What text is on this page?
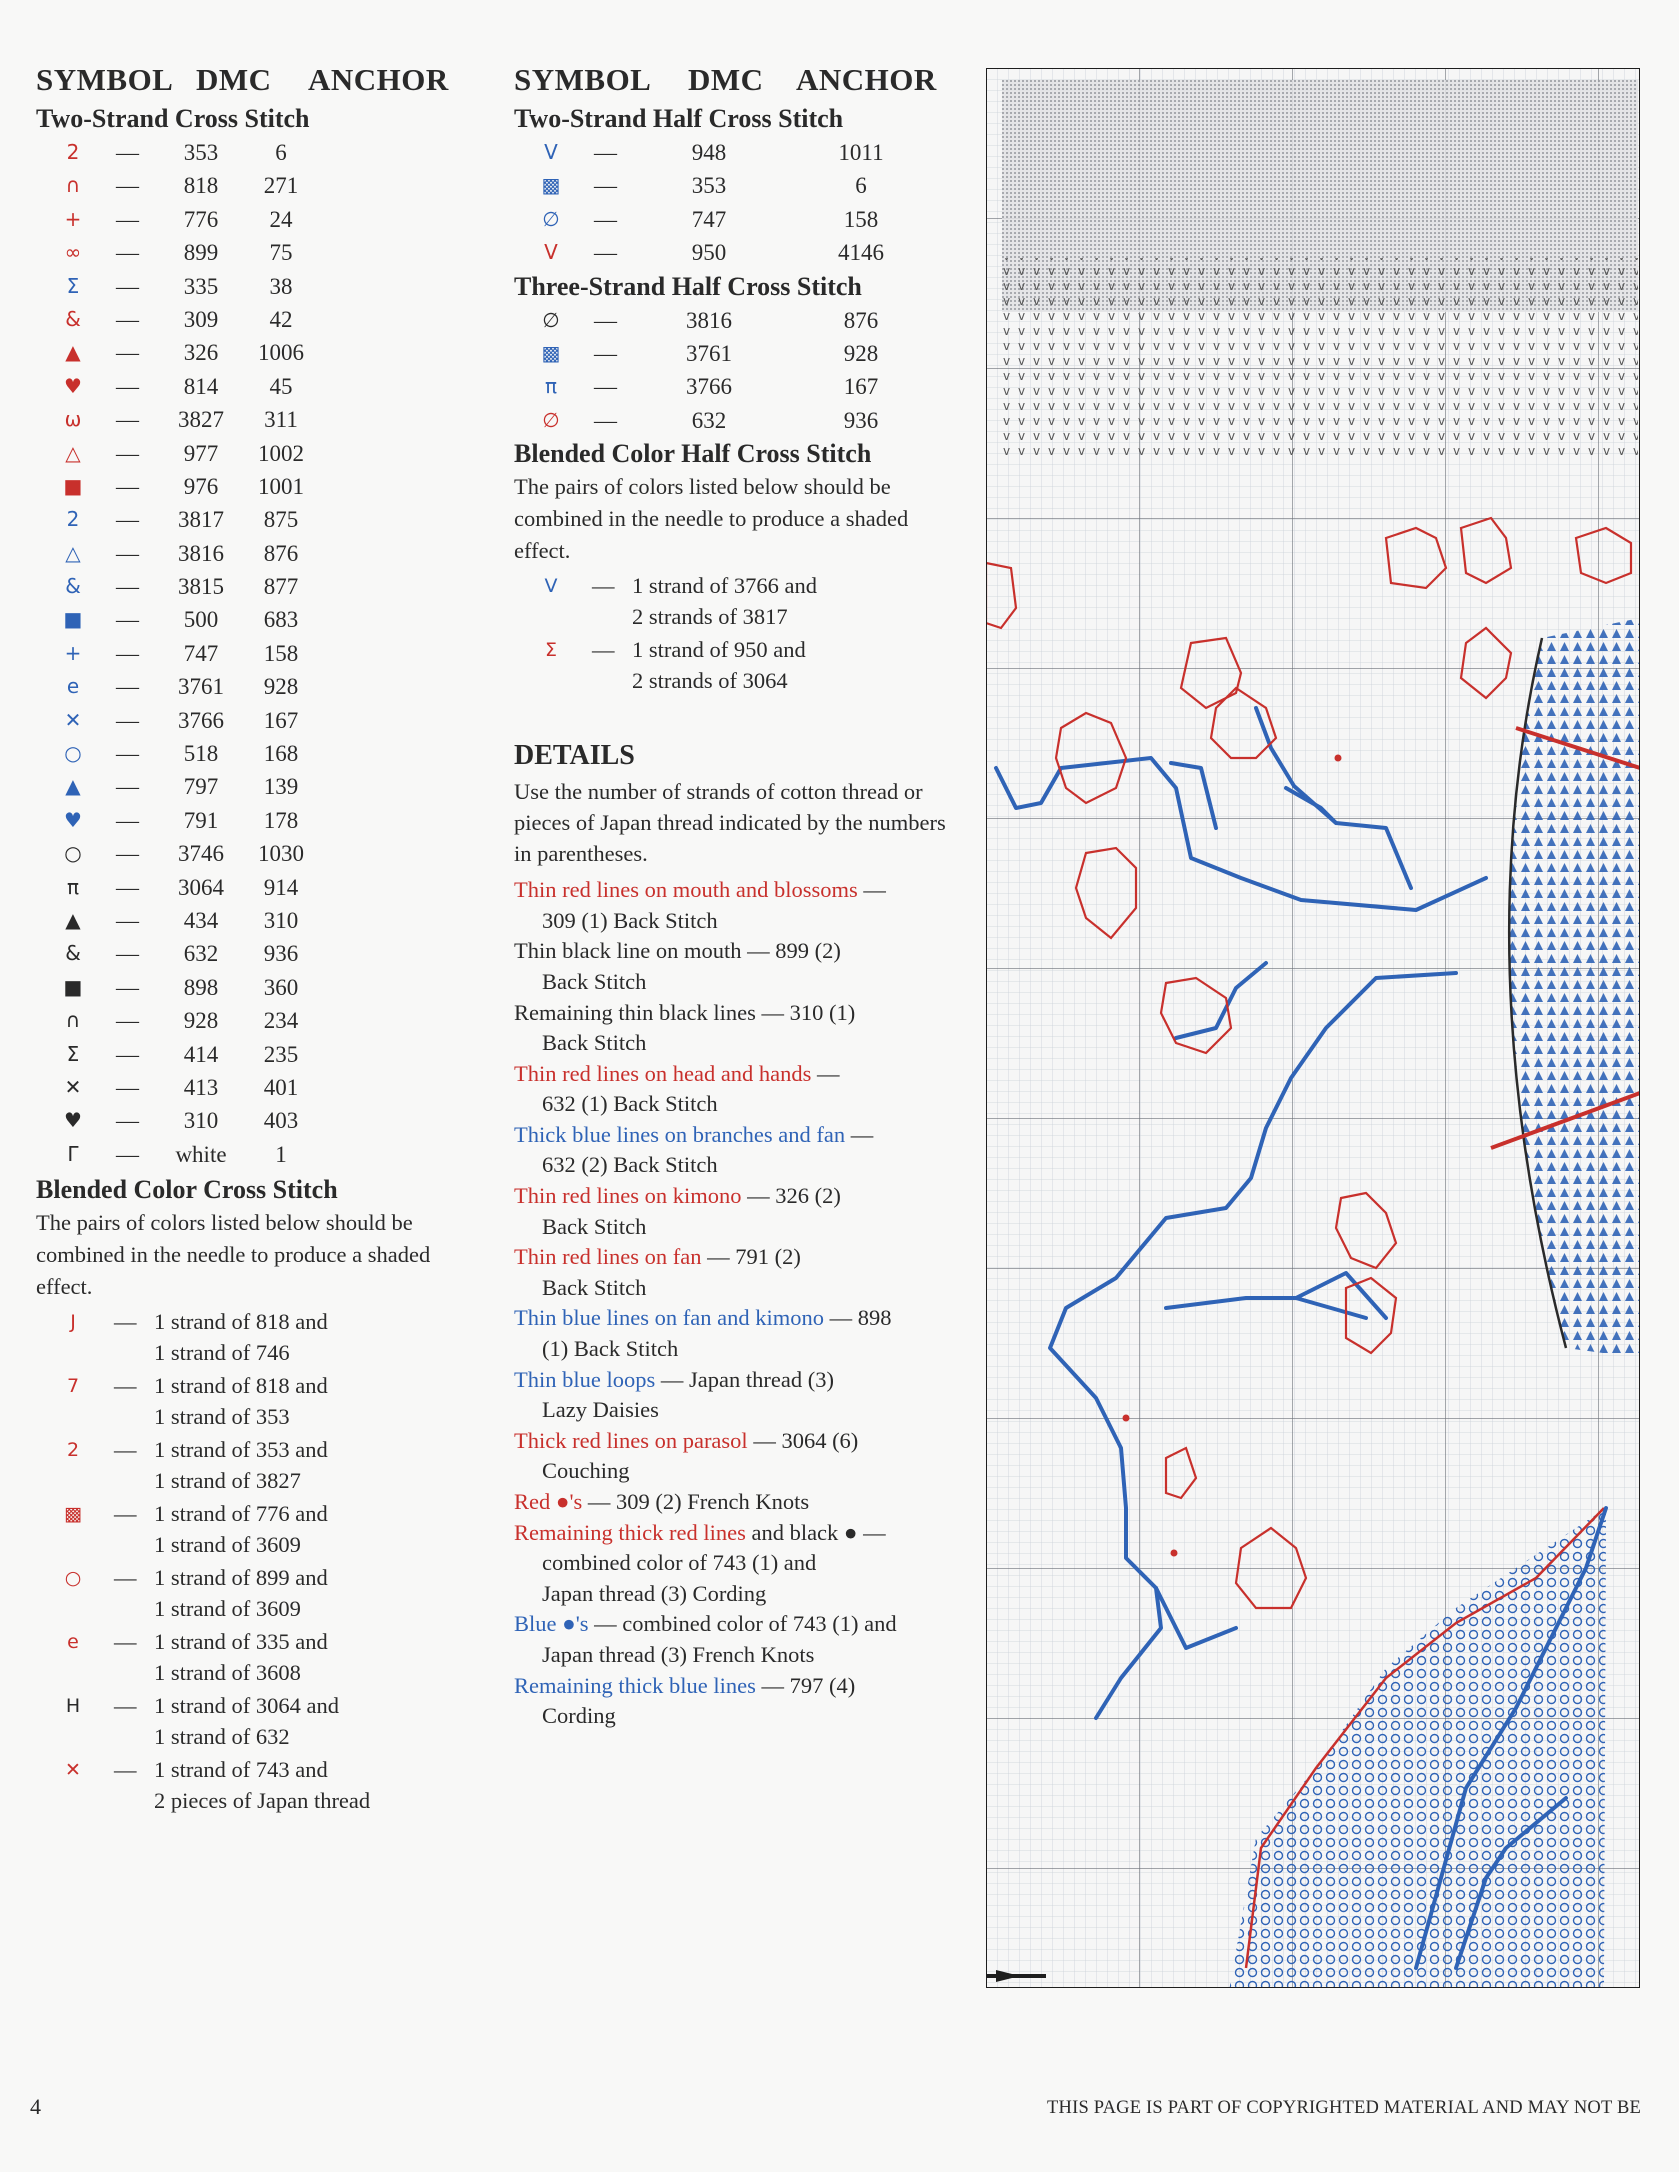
SYMBOL DMC	ANCHOR
Two-Strand Cross Stitch
2	—	353	6
∩	—	818	271
+ —	776	24
∞ —	899	75
Σ	—	335	38
&	—	309	42
▲	—	326	1006
♥ —	814	45
ω —	3827	311
△	—	977	1002
■ —	976	1001
2	—	3817	875
△	—	3816	876
&	—	3815	877
■ —	500	683
+ —	747	158
e	—	3761	928
✕ —	3766	167
○ —	518	168
▲	—	797	139
♥ —	791	178
○ —	3746	1030
π	—	3064	914
▲	—	434	310
&	—	632	936
■ —	898	360
∩	—	928	234
Σ	—	414	235
✕ —	413	401
♥ —	310	403
Γ	—	white	1
Blended Color Cross Stitch
The pairs of colors listed below should be combined in the needle to produce a shaded effect.
J	— 1 strand of 818 and
1 strand of 746
7	— 1 strand of 818 and
1 strand of 353
2	— 1 strand of 353 and
1 strand of 3827
▩ — 1 strand of 776 and
1 strand of 3609
○ — 1 strand of 899 and
1 strand of 3609
e	— 1 strand of 335 and
1 strand of 3608
H	— 1 strand of 3064 and
1 strand of 632
✕	— 1 strand of 743 and
2 pieces of Japan thread
SYMBOL	DMC	ANCHOR
Two-Strand Half Cross Stitch
V	—	948	1011
▩ —	353	6
∅ —	747	158
V	—	950	4146
Three-Strand Half Cross Stitch
∅ —	3816	876
▩ —	3761	928
π	—	3766	167
∅ —	632	936
Blended Color Half Cross Stitch
The pairs of colors listed below should be combined in the needle to produce a shaded effect.
V	— 1 strand of 3766 and
2 strands of 3817
Σ	— 1 strand of 950 and
2 strands of 3064
DETAILS
Use the number of strands of cotton thread or pieces of Japan thread indicated by the numbers in parentheses.
Thin red lines on mouth and blossoms —
309 (1) Back Stitch
Thin black line on mouth — 899 (2)
Back Stitch
Remaining thin black lines — 310 (1)
Back Stitch
Thin red lines on head and hands —
632 (1) Back Stitch
Thick blue lines on branches and fan —
632 (2) Back Stitch
Thin red lines on kimono — 326 (2)
Back Stitch
Thin red lines on fan — 791 (2)
Back Stitch
Thin blue lines on fan and kimono — 898
(1) Back Stitch
Thin blue loops — Japan thread (3)
Lazy Daisies
Thick red lines on parasol — 3064 (6)
Couching
Red ●'s — 309 (2) French Knots
Remaining thick red lines and black ● —
combined color of 743 (1) and
Japan thread (3) Cording
Blue ●'s — combined color of 743 (1) and
Japan thread (3) French Knots
Remaining thick blue lines — 797 (4)
Cording
4	THIS PAGE IS PART OF COPYRIGHTED MATERIAL AND MAY NOT BE
